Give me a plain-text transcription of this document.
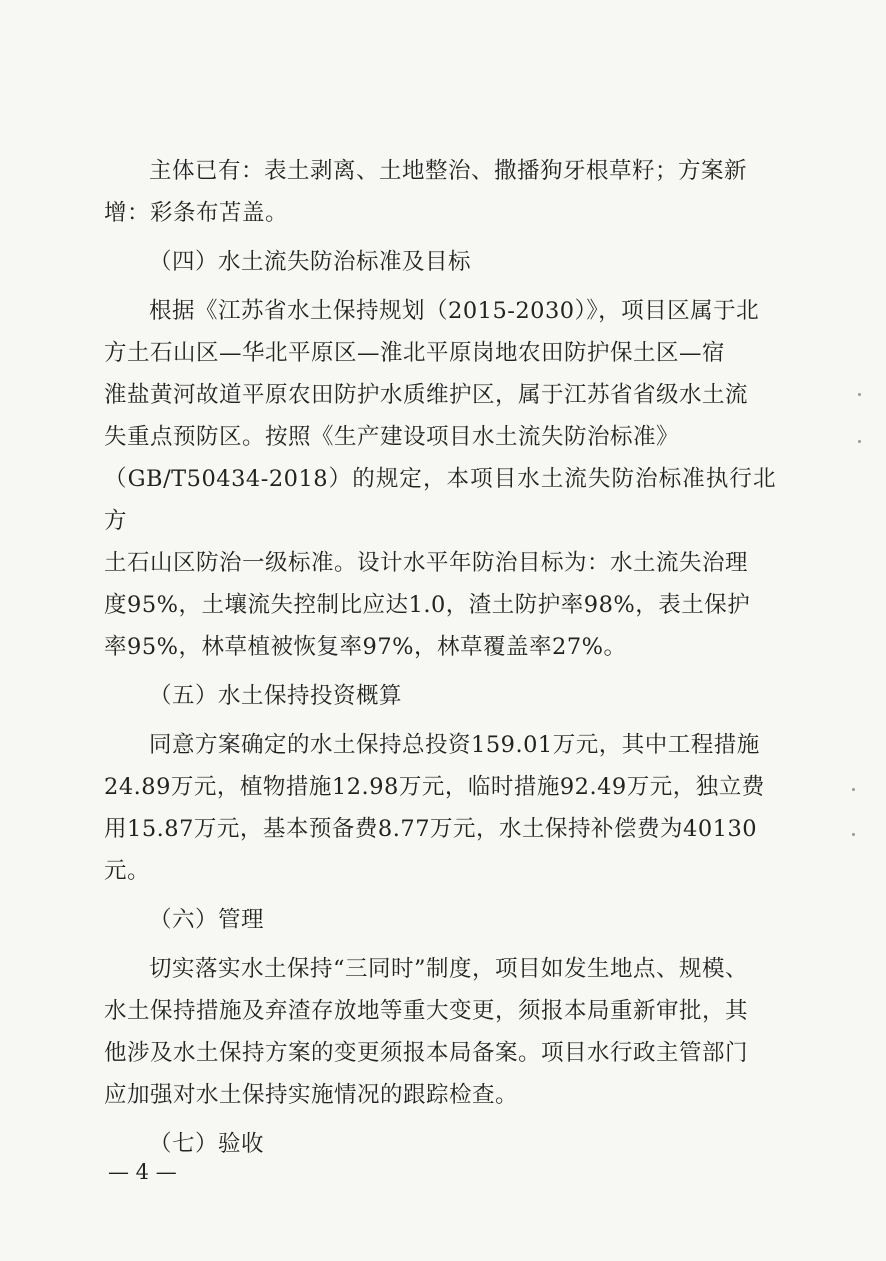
主体已有：表土剥离、土地整治、撒播狗牙根草籽；方案新
增：彩条布苫盖。
（四）水土流失防治标准及目标
根据《江苏省水土保持规划（2015-2030）》，项目区属于北
方土石山区—华北平原区—淮北平原岗地农田防护保土区—宿
淮盐黄河故道平原农田防护水质维护区，属于江苏省省级水土流
失重点预防区。按照《生产建设项目水土流失防治标准》
（GB/T50434-2018）的规定，本项目水土流失防治标准执行北方
土石山区防治一级标准。设计水平年防治目标为：水土流失治理
度95%，土壤流失控制比应达1.0，渣土防护率98%，表土保护
率95%，林草植被恢复率97%，林草覆盖率27%。
（五）水土保持投资概算
同意方案确定的水土保持总投资159.01万元，其中工程措施
24.89万元，植物措施12.98万元，临时措施92.49万元，独立费
用15.87万元，基本预备费8.77万元，水土保持补偿费为40130
元。
（六）管理
切实落实水土保持“三同时”制度，项目如发生地点、规模、
水土保持措施及弃渣存放地等重大变更，须报本局重新审批，其
他涉及水土保持方案的变更须报本局备案。项目水行政主管部门
应加强对水土保持实施情况的跟踪检查。
（七）验收
— 4 —
